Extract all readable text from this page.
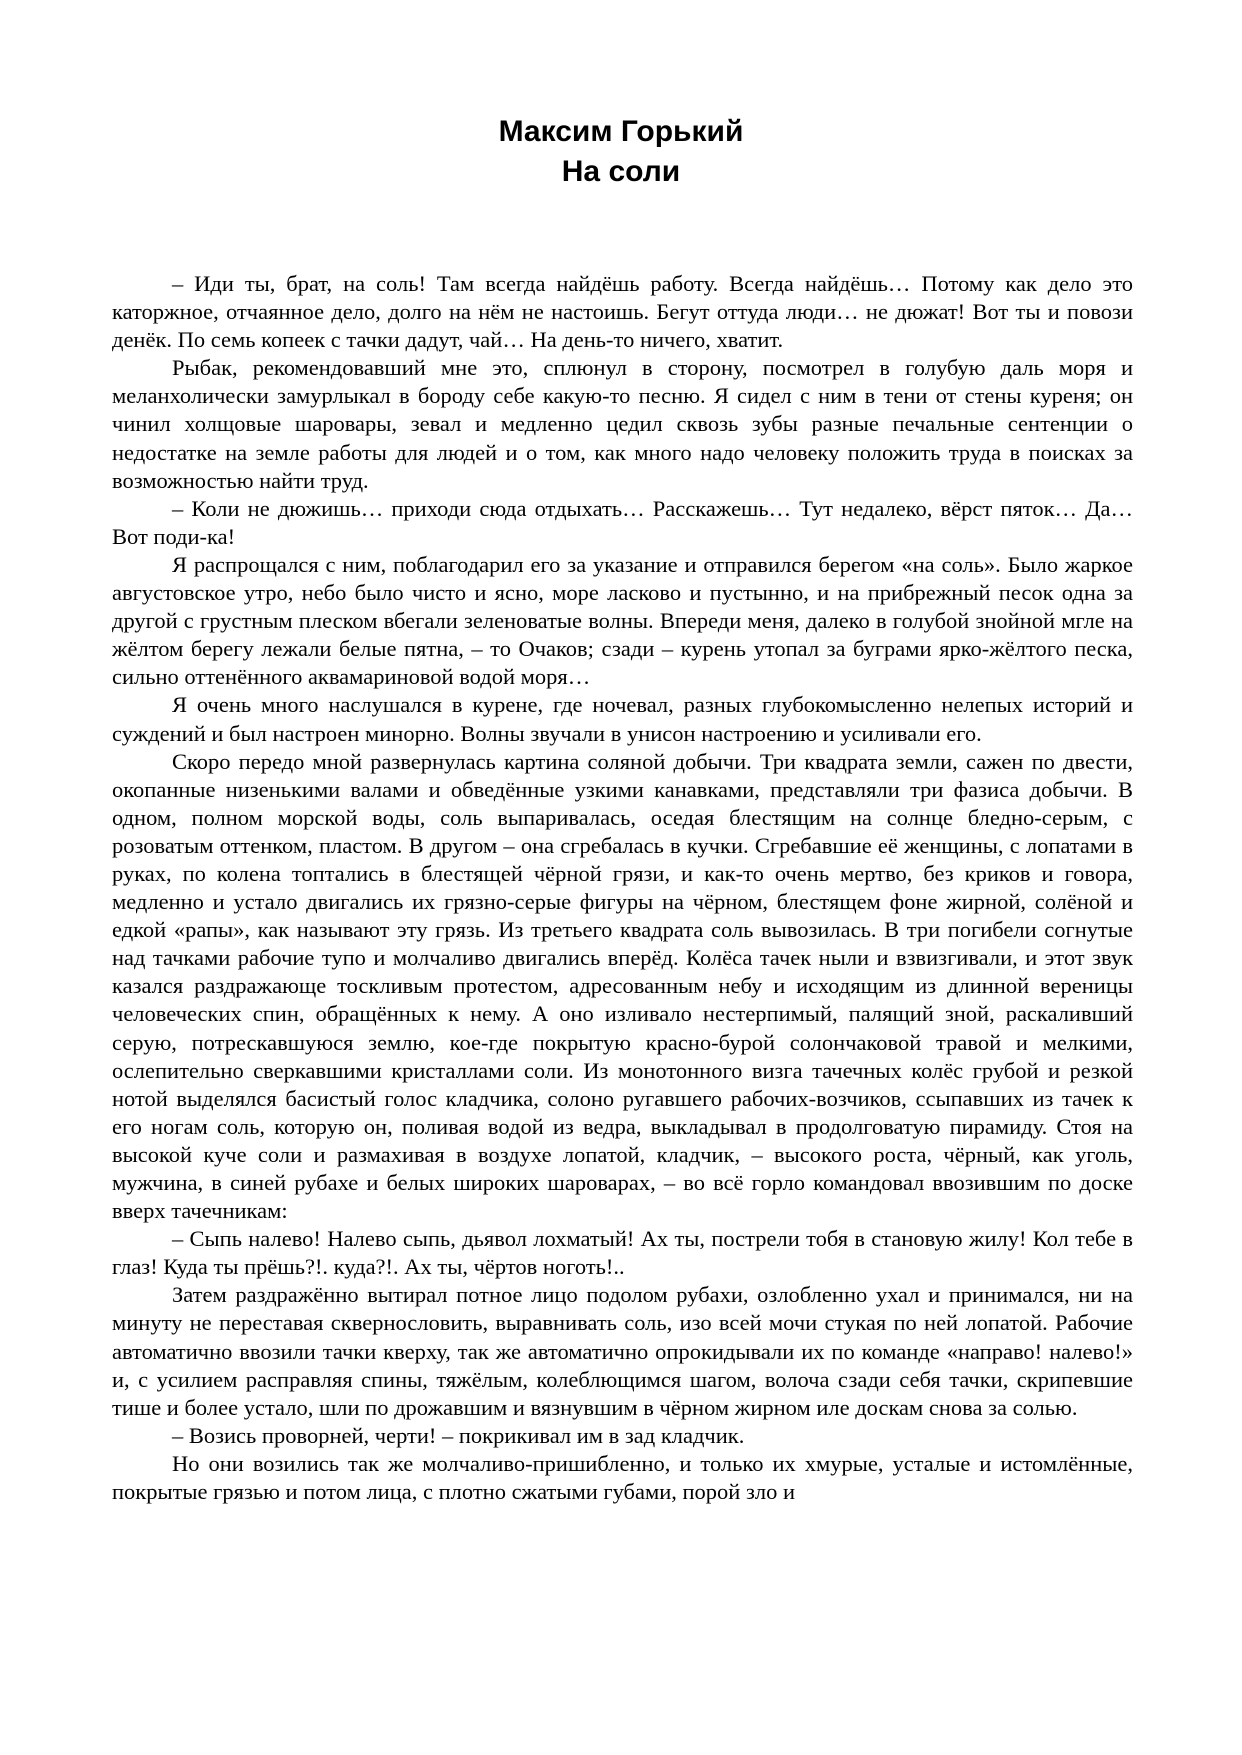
Максим Горький
На соли

– Иди ты, брат, на соль! Там всегда найдёшь работу. Всегда найдёшь… Потому как дело это каторжное, отчаянное дело, долго на нём не настоишь. Бегут оттуда люди… не дюжат! Вот ты и повози денёк. По семь копеек с тачки дадут, чай… На день-то ничего, хватит.

Рыбак, рекомендовавший мне это, сплюнул в сторону, посмотрел в голубую даль моря и меланхолически замурлыкал в бороду себе какую-то песню. Я сидел с ним в тени от стены куреня; он чинил холщовые шаровары, зевал и медленно цедил сквозь зубы разные печальные сентенции о недостатке на земле работы для людей и о том, как много надо человеку положить труда в поисках за возможностью найти труд.

– Коли не дюжишь… приходи сюда отдыхать… Расскажешь… Тут недалеко, вёрст пяток… Да… Вот поди-ка!

Я распрощался с ним, поблагодарил его за указание и отправился берегом «на соль». Было жаркое августовское утро, небо было чисто и ясно, море ласково и пустынно, и на прибрежный песок одна за другой с грустным плеском вбегали зеленоватые волны. Впереди меня, далеко в голубой знойной мгле на жёлтом берегу лежали белые пятна, – то Очаков; сзади – курень утопал за буграми ярко-жёлтого песка, сильно оттенённого аквамариновой водой моря…

Я очень много наслушался в курене, где ночевал, разных глубокомысленно нелепых историй и суждений и был настроен минорно. Волны звучали в унисон настроению и усиливали его.

Скоро передо мной развернулась картина соляной добычи. Три квадрата земли, сажен по двести, окопанные низенькими валами и обведённые узкими канавками, представляли три фазиса добычи. В одном, полном морской воды, соль выпаривалась, оседая блестящим на солнце бледно-серым, с розоватым оттенком, пластом. В другом – она сгребалась в кучки. Сгребавшие её женщины, с лопатами в руках, по колена топтались в блестящей чёрной грязи, и как-то очень мертво, без криков и говора, медленно и устало двигались их грязно-серые фигуры на чёрном, блестящем фоне жирной, солёной и едкой «рапы», как называют эту грязь. Из третьего квадрата соль вывозилась. В три погибели согнутые над тачками рабочие тупо и молчаливо двигались вперёд. Колёса тачек ныли и взвизгивали, и этот звук казался раздражающе тоскливым протестом, адресованным небу и исходящим из длинной вереницы человеческих спин, обращённых к нему. А оно изливало нестерпимый, палящий зной, раскаливший серую, потрескавшуюся землю, кое-где покрытую красно-бурой солончаковой травой и мелкими, ослепительно сверкавшими кристаллами соли. Из монотонного визга тачечных колёс грубой и резкой нотой выделялся басистый голос кладчика, солоно ругавшего рабочих-возчиков, ссыпавших из тачек к его ногам соль, которую он, поливая водой из ведра, выкладывал в продолговатую пирамиду. Стоя на высокой куче соли и размахивая в воздухе лопатой, кладчик, – высокого роста, чёрный, как уголь, мужчина, в синей рубахе и белых широких шароварах, – во всё горло командовал ввозившим по доске вверх тачечникам:

– Сыпь налево! Налево сыпь, дьявол лохматый! Ах ты, пострели тобя в становую жилу! Кол тебе в глаз! Куда ты прёшь?!. куда?!. Ах ты, чёртов ноготь!..

Затем раздражённо вытирал потное лицо подолом рубахи, озлобленно ухал и принимался, ни на минуту не переставая сквернословить, выравнивать соль, изо всей мочи стукая по ней лопатой. Рабочие автоматично ввозили тачки кверху, так же автоматично опрокидывали их по команде «направо! налево!» и, с усилием расправляя спины, тяжёлым, колеблющимся шагом, волоча сзади себя тачки, скрипевшие тише и более устало, шли по дрожавшим и вязнувшим в чёрном жирном иле доскам снова за солью.

– Возись проворней, черти! – покрикивал им в зад кладчик.

Но они возились так же молчаливо-пришибленно, и только их хмурые, усталые и истомлённые, покрытые грязью и потом лица, с плотно сжатыми губами, порой зло и
